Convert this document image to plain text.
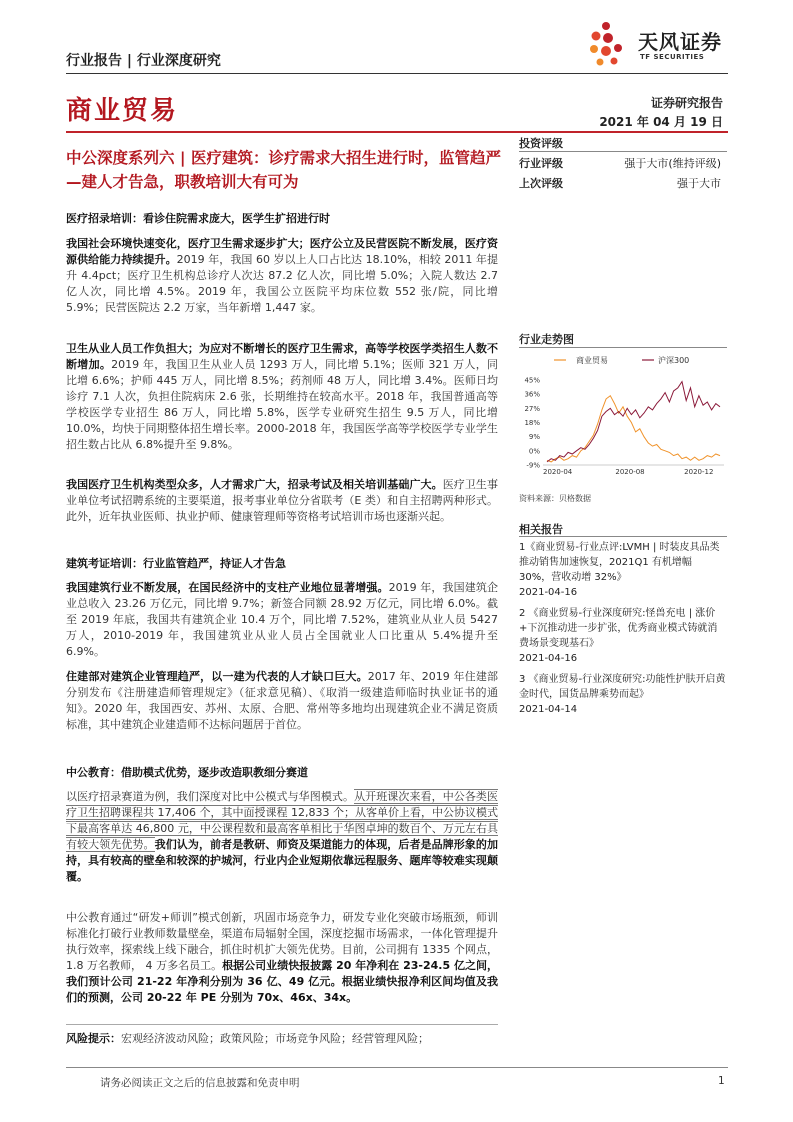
行业报告 | 行业深度研究
天风证券
TF SECURITIES
商业贸易	证券研究报告
2021 年 04 月 19 日
中公深度系列六 | 医疗建筑：诊疗需求大招生进行时，监管趋严—建人才告急，职教培训大有可为
投资评级
行业评级	强于大市(维持评级)
上次评级	强于大市
医疗招录培训：看诊住院需求庞大，医学生扩招进行时
我国社会环境快速变化，医疗卫生需求逐步扩大；医疗公立及民营医院不断发展，医疗资源供给能力持续提升。2019 年，我国 60 岁以上人口占比达 18.10%，相较 2011 年提升 4.4pct；医疗卫生机构总诊疗人次达 87.2 亿人次，同比增 5.0%；入院人数达 2.7 亿人次，同比增 4.5%。2019 年，我国公立医院平均床位数 552 张/院，同比增 5.9%；民营医院达 2.2 万家，当年新增 1,447 家。
卫生从业人员工作负担大；为应对不断增长的医疗卫生需求，高等学校医学类招生人数不断增加。2019 年，我国卫生从业人员 1293 万人，同比增 5.1%；医师 321 万人，同比增 6.6%；护师 445 万人，同比增 8.5%；药剂师 48 万人，同比增 3.4%。医师日均诊疗 7.1 人次，负担住院病床 2.6 张，长期维持在较高水平。2018 年，我国普通高等学校医学专业招生 86 万人，同比增 5.8%，医学专业研究生招生 9.5 万人，同比增 10.0%，均快于同期整体招生增长率。2000-2018 年，我国医学高等学校医学专业学生招生数占比从 6.8%提升至 9.8%。
我国医疗卫生机构类型众多，人才需求广大，招录考试及相关培训基础广大。医疗卫生事业单位考试招聘系统的主要渠道，报考事业单位分省联考（E 类）和自主招聘两种形式。此外，近年执业医师、执业护师、健康管理师等资格考试培训市场也逐渐兴起。
建筑考证培训：行业监管趋严，持证人才告急
我国建筑行业不断发展，在国民经济中的支柱产业地位显著增强。2019 年，我国建筑企业总收入 23.26 万亿元，同比增 9.7%；新签合同额 28.92 万亿元，同比增 6.0%。截至 2019 年底，我国共有建筑企业 10.4 万个，同比增 7.52%，建筑业从业人员 5427 万人，2010-2019 年，我国建筑业从业人员占全国就业人口比重从 5.4%提升至 6.9%。
住建部对建筑企业管理趋严，以一建为代表的人才缺口巨大。2017 年、2019 年住建部分别发布《注册建造师管理规定》（征求意见稿）、《取消一级建造师临时执业证书的通知》。2020 年，我国西安、苏州、太原、合肥、常州等多地均出现建筑企业不满足资质标准，其中建筑企业建造师不达标问题居于首位。
中公教育：借助模式优势，逐步改造职教细分赛道
以医疗招录赛道为例，我们深度对比中公模式与华图模式。从开班课次来看，中公各类医疗卫生招聘课程共 17,406 个，其中面授课程 12,833 个；从客单价上看，中公协议模式下最高客单达 46,800 元，中公课程数和最高客单相比于华图卓坤的数百个、万元左右具有较大领先优势。我们认为，前者是教研、师资及渠道能力的体现，后者是品牌形象的加持，具有较高的壁垒和较深的护城河，行业内企业短期依靠远程服务、题库等较难实现颠覆。
中公教育通过“研发+师训”模式创新，巩固市场竞争力，研发专业化突破市场瓶颈，师训标准化打破行业教师数量壁垒，渠道布局辐射全国，深度挖掘市场需求，一体化管理提升执行效率，探索线上线下融合，抓住时机扩大领先优势。目前，公司拥有 1335 个网点，1.8 万名教师， 4 万多名员工。根据公司业绩快报披露 20 年净利在 23-24.5 亿之间，我们预计公司 21-22 年净利分别为 36 亿、49 亿元。根据业绩快报净利区间均值及我们的预测，公司 20-22 年 PE 分别为 70x、46x、34x。
风险提示：宏观经济波动风险；政策风险；市场竞争风险；经营管理风险；
行业走势图
商业贸易	沪深300
45%
36%
27%
18%
9%
0%
-9%
2020-04	2020-08	2020-12
资料来源：贝格数据
相关报告
1《商业贸易-行业点评:LVMH | 时装皮具品类推动销售加速恢复，2021Q1 有机增幅 30%，营收动增 32%》
2021-04-16
2 《商业贸易-行业深度研究:怪兽充电 | 涨价+下沉推动进一步扩张，优秀商业模式铸就消费场景变现基石》
2021-04-16
3 《商业贸易-行业深度研究:功能性护肤开启黄金时代，国货品牌乘势而起》
2021-04-14
请务必阅读正文之后的信息披露和免责申明	1
